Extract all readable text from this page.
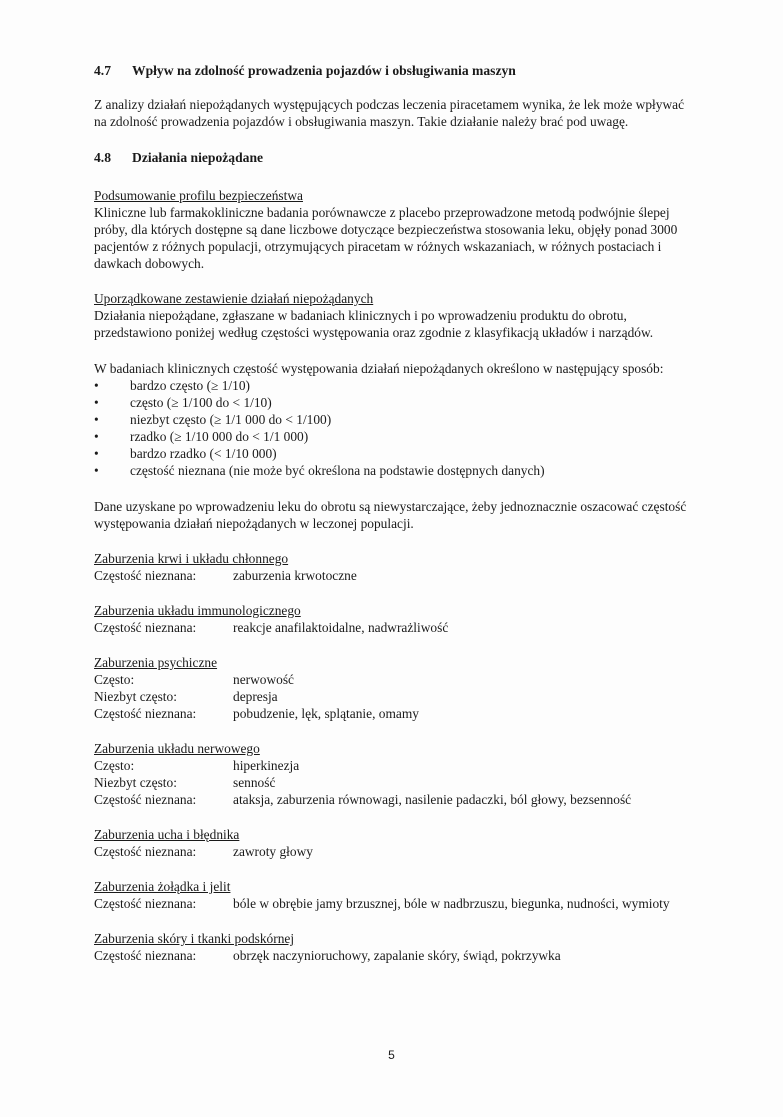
4.7 Wpływ na zdolność prowadzenia pojazdów i obsługiwania maszyn

Z analizy działań niepożądanych występujących podczas leczenia piracetamem wynika, że lek może wpływać na zdolność prowadzenia pojazdów i obsługiwania maszyn. Takie działanie należy brać pod uwagę.

4.8 Działania niepożądane

Podsumowanie profilu bezpieczeństwa

Kliniczne lub farmakokliniczne badania porównawcze z placebo przeprowadzone metodą podwójnie ślepej próby, dla których dostępne są dane liczbowe dotyczące bezpieczeństwa stosowania leku, objęły ponad 3000 pacjentów z różnych populacji, otrzymujących piracetam w różnych wskazaniach, w różnych postaciach i dawkach dobowych.

Uporządkowane zestawienie działań niepożądanych

Działania niepożądane, zgłaszane w badaniach klinicznych i po wprowadzeniu produktu do obrotu, przedstawiono poniżej według częstości występowania oraz zgodnie z klasyfikacją układów i narządów.

W badaniach klinicznych częstość występowania działań niepożądanych określono w następujący sposób:

• bardzo często (≥ 1/10)
• często (≥ 1/100 do < 1/10)
• niezbyt często (≥ 1/1 000 do < 1/100)
• rzadko (≥ 1/10 000 do < 1/1 000)
• bardzo rzadko (< 1/10 000)
• częstość nieznana (nie może być określona na podstawie dostępnych danych)

Dane uzyskane po wprowadzeniu leku do obrotu są niewystarczające, żeby jednoznacznie oszacować częstość występowania działań niepożądanych w leczonej populacji.

Zaburzenia krwi i układu chłonnego

Częstość nieznana:	zaburzenia krwotoczne

Zaburzenia układu immunologicznego

Częstość nieznana:	reakcje anafilaktoidalne, nadwrażliwość

Zaburzenia psychiczne

Często:	nerwowość
Niezbyt często:	depresja
Częstość nieznana:	pobudzenie, lęk, splątanie, omamy

Zaburzenia układu nerwowego

Często:	hiperkinezja
Niezbyt często:	senność
Częstość nieznana:	ataksja, zaburzenia równowagi, nasilenie padaczki, ból głowy, bezsenność

Zaburzenia ucha i błędnika

Częstość nieznana:	zawroty głowy

Zaburzenia żołądka i jelit

Częstość nieznana:	bóle w obrębie jamy brzusznej, bóle w nadbrzuszu, biegunka, nudności, wymioty

Zaburzenia skóry i tkanki podskórnej

Częstość nieznana:	obrzęk naczynioruchowy, zapalanie skóry, świąd, pokrzywka
5
